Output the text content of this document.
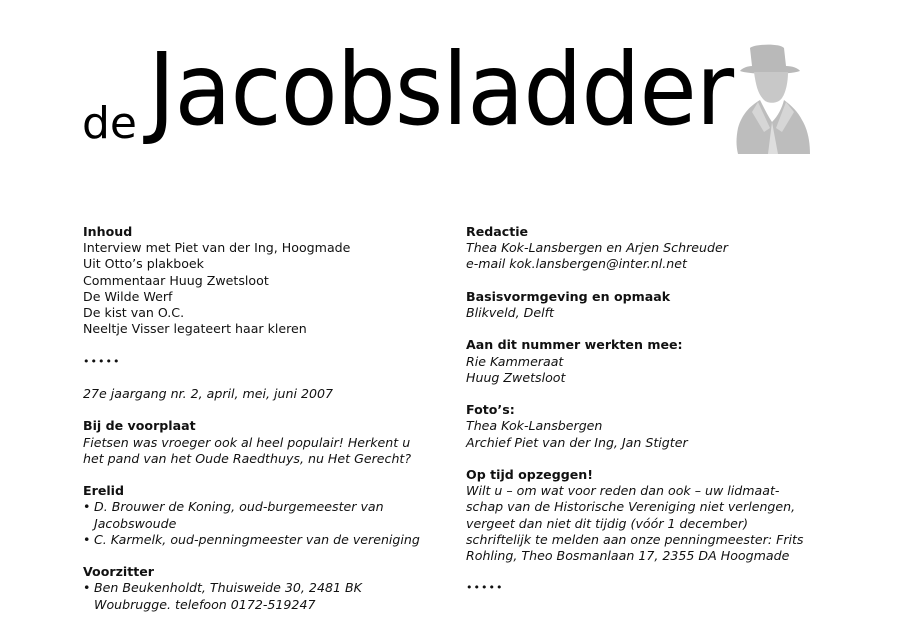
de Jacobsladder
Inhoud
Interview met Piet van der Ing, Hoogmade
Uit Otto’s plakboek
Commentaar Huug Zwetsloot
De Wilde Werf
De kist van O.C.
Neeltje Visser legateert haar kleren
•••••
27e jaargang nr. 2, april, mei, juni 2007
Bij de voorplaat
Fietsen was vroeger ook al heel populair! Herkent u
het pand van het Oude Raedthuys, nu Het Gerecht?
Erelid
• D. Brouwer de Koning, oud-burgemeester van
Jacobswoude
• C. Karmelk, oud-penningmeester van de vereniging
Voorzitter
• Ben Beukenholdt, Thuisweide 30, 2481 BK
Woubrugge. telefoon 0172-519247
Redactie
Thea Kok-Lansbergen en Arjen Schreuder
e-mail kok.lansbergen@inter.nl.net
Basisvormgeving en opmaak
Blikveld, Delft
Aan dit nummer werkten mee:
Rie Kammeraat
Huug Zwetsloot
Foto’s:
Thea Kok-Lansbergen
Archief Piet van der Ing, Jan Stigter
Op tijd opzeggen!
Wilt u – om wat voor reden dan ook – uw lidmaat-
schap van de Historische Vereniging niet verlengen,
vergeet dan niet dit tijdig (vóór 1 december)
schriftelijk te melden aan onze penningmeester: Frits
Rohling, Theo Bosmanlaan 17, 2355 DA Hoogmade
•••••
